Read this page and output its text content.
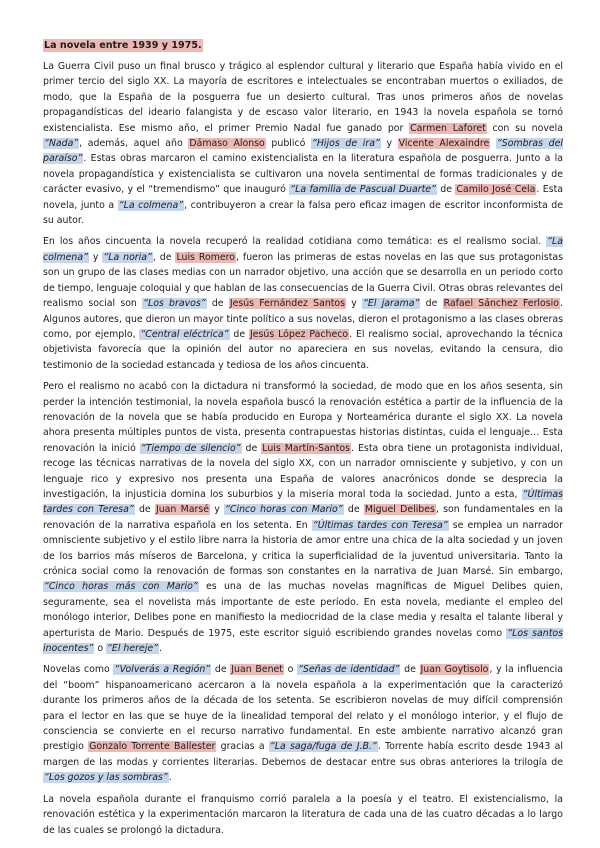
La novela entre 1939 y 1975.

La Guerra Civil puso un final brusco y trágico al esplendor cultural y literario que España había vivido en el primer tercio del siglo XX. La mayoría de escritores e intelectuales se encontraban muertos o exiliados, de modo, que la España de la posguerra fue un desierto cultural. Tras unos primeros años de novelas propagandísticas del ideario falangista y de escaso valor literario, en 1943 la novela española se tornó existencialista. Ese mismo año, el primer Premio Nadal fue ganado por Carmen Laforet con su novela “Nada”, además, aquel año Dámaso Alonso publicó “Hijos de ira” y Vicente Alexaindre “Sombras del paraíso”. Estas obras marcaron el camino existencialista en la literatura española de posguerra. Junto a la novela propagandística y existencialista se cultivaron una novela sentimental de formas tradicionales y de carácter evasivo, y el “tremendismo” que inauguró “La familia de Pascual Duarte” de Camilo José Cela. Esta novela, junto a “La colmena”, contribuyeron a crear la falsa pero eficaz imagen de escritor inconformista de su autor.

En los años cincuenta la novela recuperó la realidad cotidiana como temática: es el realismo social. “La colmena” y “La noria”, de Luis Romero, fueron las primeras de estas novelas en las que sus protagonistas son un grupo de las clases medias con un narrador objetivo, una acción que se desarrolla en un periodo corto de tiempo, lenguaje coloquial y que hablan de las consecuencias de la Guerra Civil. Otras obras relevantes del realismo social son “Los bravos” de Jesús Fernández Santos y “El jarama” de Rafael Sánchez Ferlosio. Algunos autores, que dieron un mayor tinte político a sus novelas, dieron el protagonismo a las clases obreras como, por ejemplo, “Central eléctrica” de Jesús López Pacheco. El realismo social, aprovechando la técnica objetivista favorecía que la opinión del autor no apareciera en sus novelas, evitando la censura, dio testimonio de la sociedad estancada y tediosa de los años cincuenta.

Pero el realismo no acabó con la dictadura ni transformó la sociedad, de modo que en los años sesenta, sin perder la intención testimonial, la novela española buscó la renovación estética a partir de la influencia de la renovación de la novela que se había producido en Europa y Norteamérica durante el siglo XX. La novela ahora presenta múltiples puntos de vista, presenta contrapuestas historias distintas, cuida el lenguaje… Esta renovación la inició “Tiempo de silencio” de Luis Martín-Santos. Esta obra tiene un protagonista individual, recoge las técnicas narrativas de la novela del siglo XX, con un narrador omnisciente y subjetivo, y con un lenguaje rico y expresivo nos presenta una España de valores anacrónicos donde se desprecia la investigación, la injusticia domina los suburbios y la miseria moral toda la sociedad. Junto a esta, “Últimas tardes con Teresa” de Juan Marsé y “Cinco horas con Mario” de Miguel Delibes, son fundamentales en la renovación de la narrativa española en los setenta. En “Últimas tardes con Teresa” se emplea un narrador omnisciente subjetivo y el estilo libre narra la historia de amor entre una chica de la alta sociedad y un joven de los barrios más míseros de Barcelona, y critica la superficialidad de la juventud universitaria. Tanto la crónica social como la renovación de formas son constantes en la narrativa de Juan Marsé. Sin embargo, “Cinco horas más con Mario” es una de las muchas novelas magníficas de Miguel Delibes quien, seguramente, sea el novelista más importante de este período. En esta novela, mediante el empleo del monólogo interior, Delibes pone en manifiesto la mediocridad de la clase media y resalta el talante liberal y aperturista de Mario. Después de 1975, este escritor siguió escribiendo grandes novelas como “Los santos inocentes” o “El hereje”.

Novelas como “Volverás a Región” de Juan Benet o “Señas de identidad” de Juan Goytisolo, y la influencia del “boom” hispanoamericano acercaron a la novela española a la experimentación que la caracterizó durante los primeros años de la década de los setenta. Se escribieron novelas de muy difícil comprensión para el lector en las que se huye de la linealidad temporal del relato y el monólogo interior, y el flujo de consciencia se convierte en el recurso narrativo fundamental. En este ambiente narrativo alcanzó gran prestigio Gonzalo Torrente Ballester gracias a “La saga/fuga de J.B.”. Torrente había escrito desde 1943 al margen de las modas y corrientes literarias. Debemos de destacar entre sus obras anteriores la trilogía de “Los gozos y las sombras”.

La novela española durante el franquismo corrió paralela a la poesía y el teatro. El existencialismo, la renovación estética y la experimentación marcaron la literatura de cada una de las cuatro décadas a lo largo de las cuales se prolongó la dictadura.
